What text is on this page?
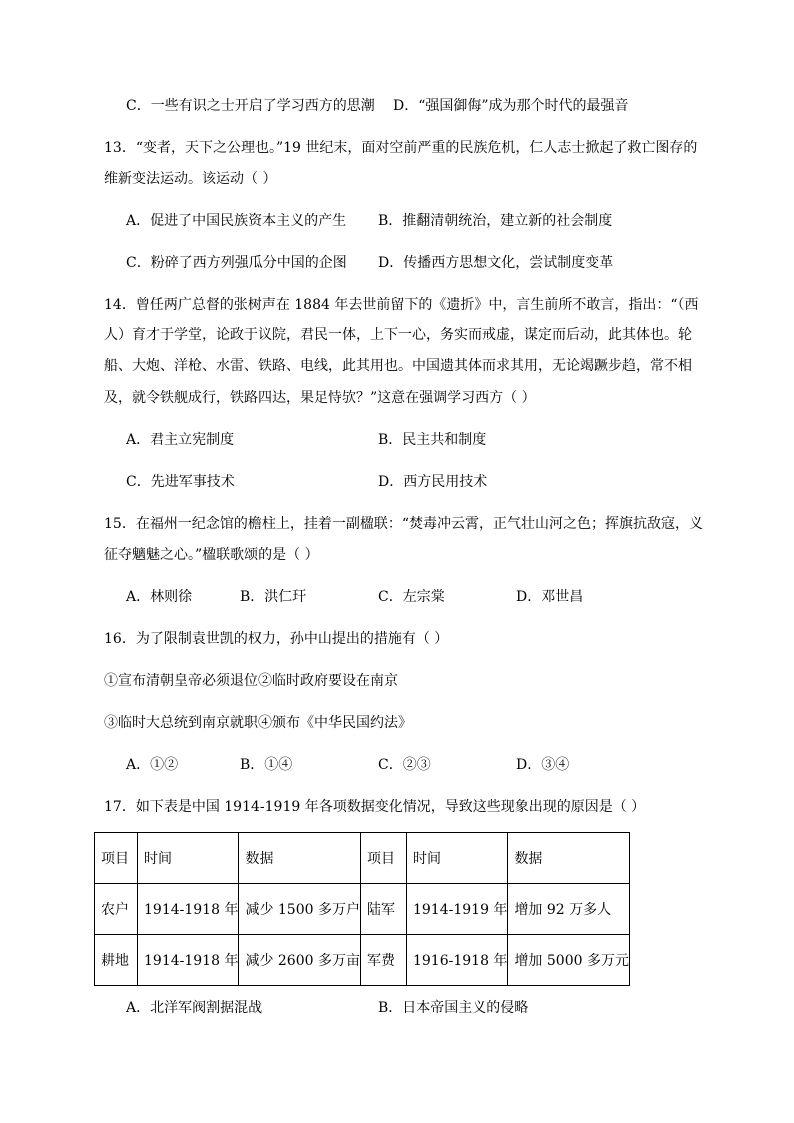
C．一些有识之士开启了学习西方的思潮 D．“强国御侮”成为那个时代的最强音
13．“变者，天下之公理也。”19 世纪末，面对空前严重的民族危机，仁人志士掀起了救亡图存的
维新变法运动。该运动（ ）
A．促进了中国民族资本主义的产生 B．推翻清朝统治，建立新的社会制度
C．粉碎了西方列强瓜分中国的企图 D．传播西方思想文化，尝试制度变革
14．曾任两广总督的张树声在 1884 年去世前留下的《遗折》中，言生前所不敢言，指出：“（西
人）育才于学堂，论政于议院，君民一体，上下一心，务实而戒虚，谋定而后动，此其体也。轮
船、大炮、洋枪、水雷、铁路、电线，此其用也。中国遗其体而求其用，无论竭蹶步趋，常不相
及，就令铁舰成行，铁路四达，果足恃欤？”这意在强调学习西方（ ）
A．君主立宪制度	B．民主共和制度
C．先进军事技术	D．西方民用技术
15．在福州一纪念馆的檐柱上，挂着一副楹联：“焚毒冲云霄，正气壮山河之色；挥旗抗敌寇，义
征夺魑魅之心。”楹联歌颂的是（ ）
A．林则徐	B．洪仁玕	C．左宗棠	D．邓世昌
16．为了限制袁世凯的权力，孙中山提出的措施有（ ）
①宣布清朝皇帝必须退位②临时政府要设在南京
③临时大总统到南京就职④颁布《中华民国约法》
A．①②	B．①④	C．②③	D．③④
17．如下表是中国 1914-1919 年各项数据变化情况，导致这些现象出现的原因是（ ）
项目	时间	数据	项目	时间	数据
农户	1914-1918 年	减少 1500 多万户	陆军	1914-1919 年	增加 92 万多人
耕地	1914-1918 年	减少 2600 多万亩	军费	1916-1918 年	增加 5000 多万元
A．北洋军阀割据混战	B．日本帝国主义的侵略
